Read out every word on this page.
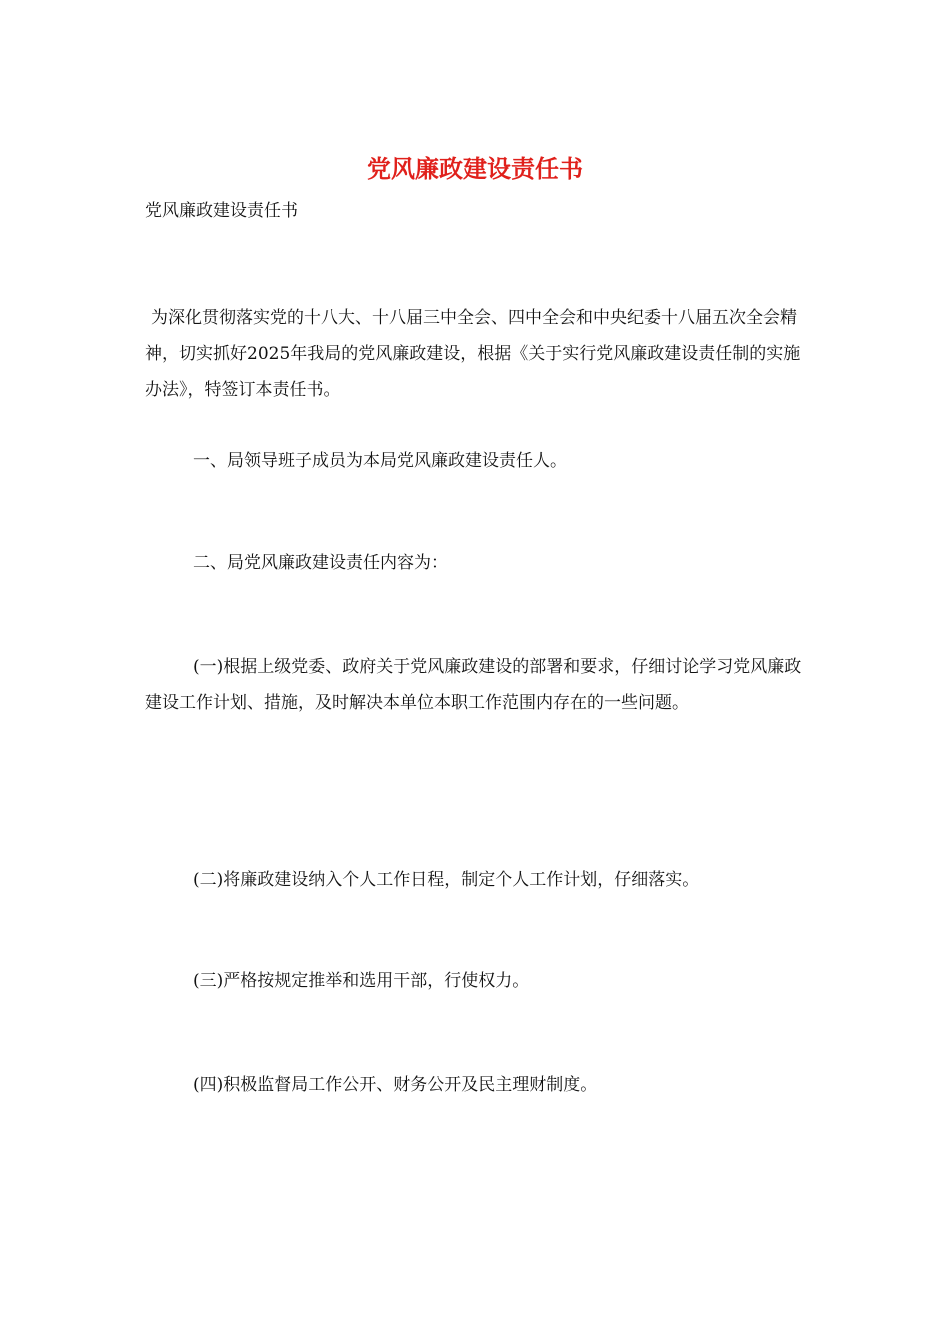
党风廉政建设责任书
党风廉政建设责任书

为深化贯彻落实党的十八大、十八届三中全会、四中全会和中央纪委十八届五次全会精神，切实抓好2025年我局的党风廉政建设，根据《关于实行党风廉政建设责任制的实施办法》，特签订本责任书。

一、局领导班子成员为本局党风廉政建设责任人。

二、局党风廉政建设责任内容为：

(一)根据上级党委、政府关于党风廉政建设的部署和要求，仔细讨论学习党风廉政建设工作计划、措施，及时解决本单位本职工作范围内存在的一些问题。

(二)将廉政建设纳入个人工作日程，制定个人工作计划，仔细落实。

(三)严格按规定推举和选用干部，行使权力。

(四)积极监督局工作公开、财务公开及民主理财制度。
